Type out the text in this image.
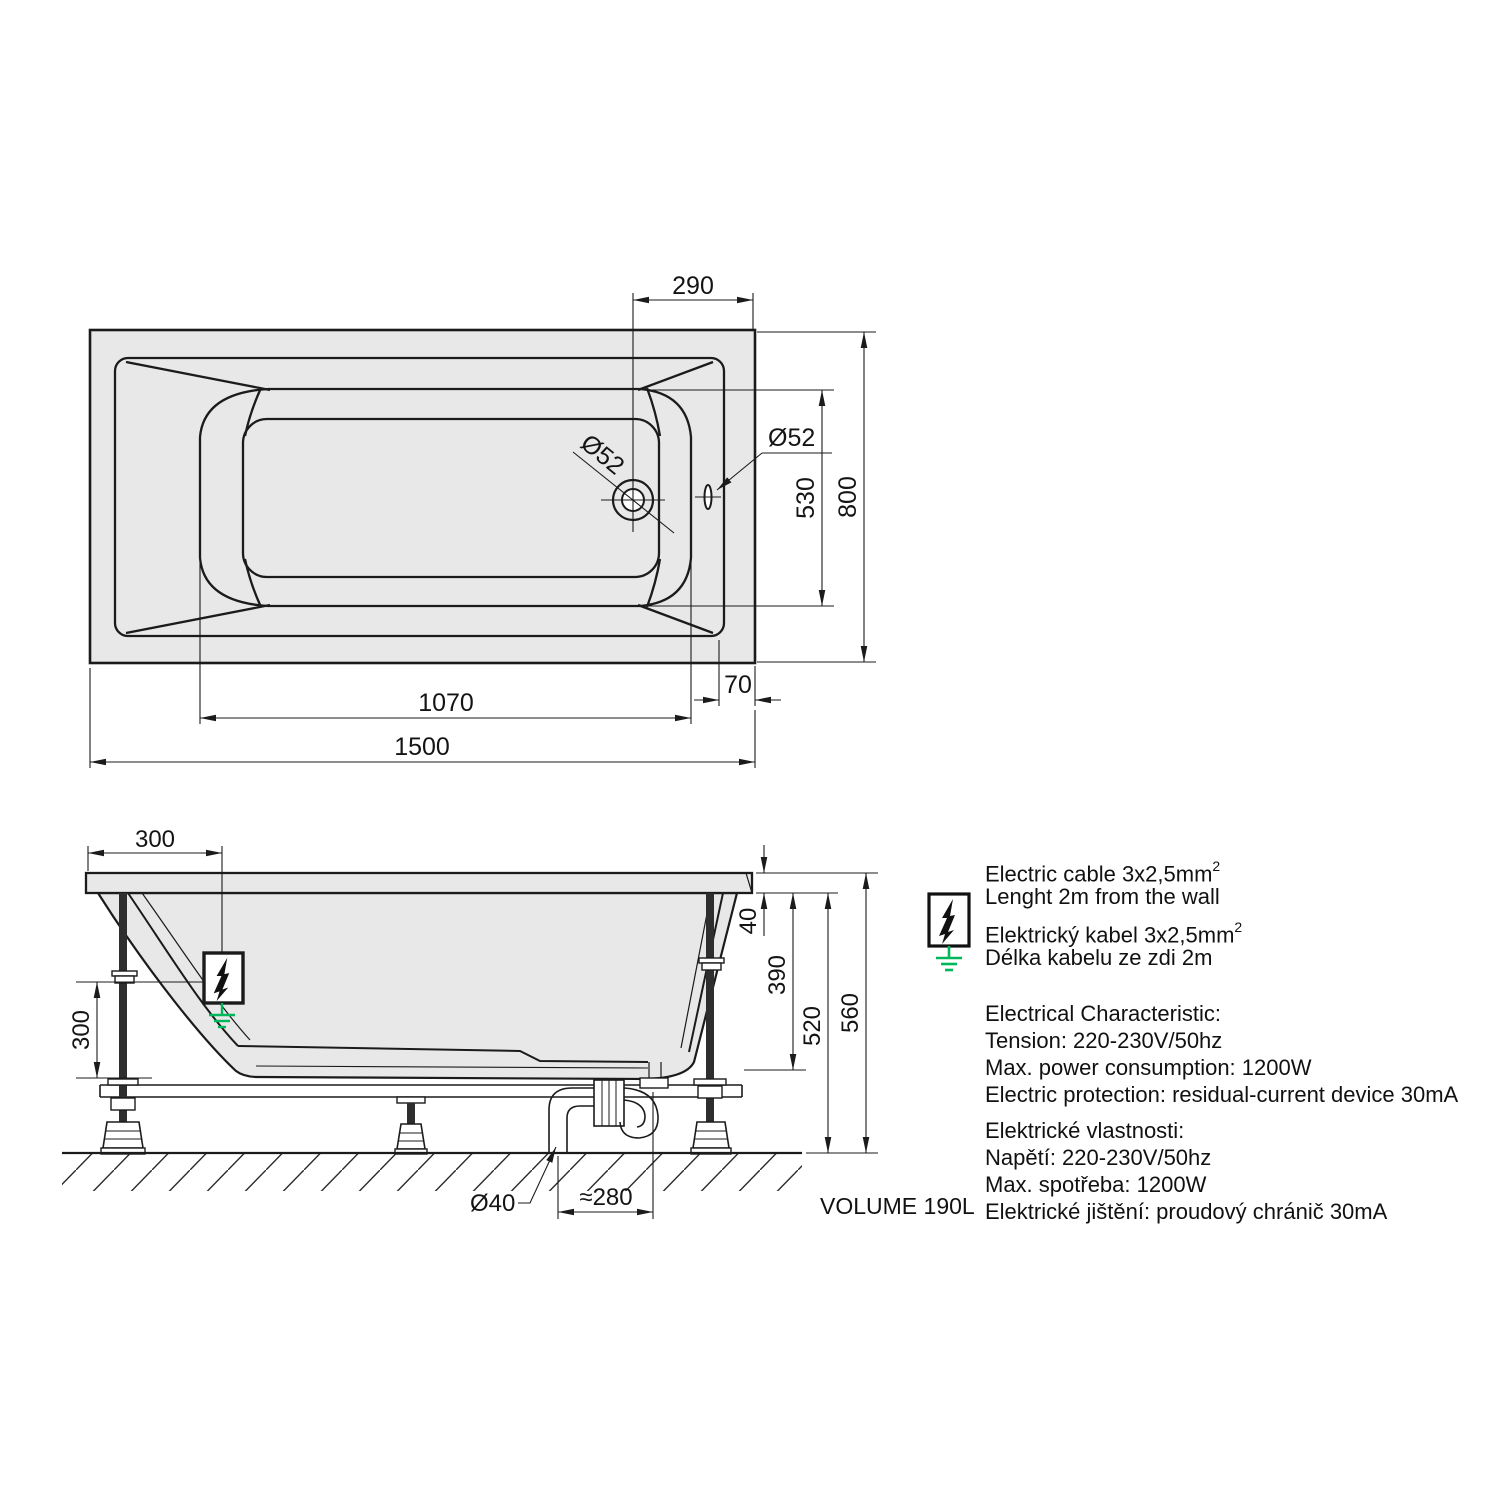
290
800
530
70
1070
1500
Ø52	Ø52
300
300
40
390
520 560
Ø40	≈280
Electric cable $3x2,5mm^2$
Lenght 2m from the wall
Elektrický kabel $3x2,5mm^2$
Délka kabelu ze zdi 2m
Electrical Characteristic:
Tension: 220-230V/50hz
Max. power consumption: 1200W
Electric protection: residual-current device 30mA
Elektrické vlastnosti:
Napětí: 220-230V/50hz
Max. spotřeba: 1200W
Elektrické jištění: proudový chránič 30mA
VOLUME 190L
